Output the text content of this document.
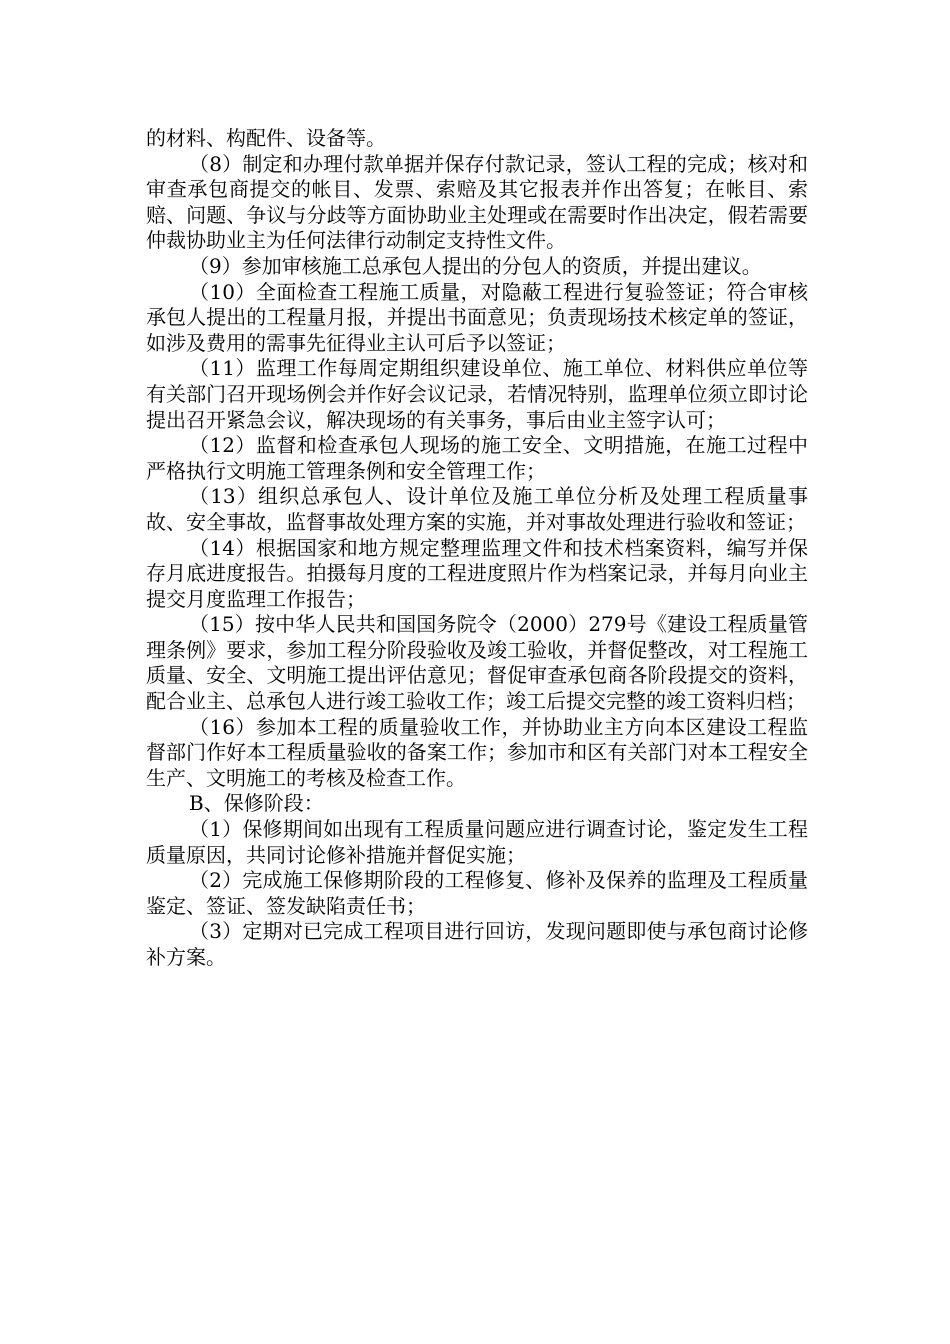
的材料、构配件、设备等。

（8）制定和办理付款单据并保存付款记录，签认工程的完成；核对和审查承包商提交的帐目、发票、索赔及其它报表并作出答复；在帐目、索赔、问题、争议与分歧等方面协助业主处理或在需要时作出决定，假若需要仲裁协助业主为任何法律行动制定支持性文件。

（9）参加审核施工总承包人提出的分包人的资质，并提出建议。

（10）全面检查工程施工质量，对隐蔽工程进行复验签证；符合审核承包人提出的工程量月报，并提出书面意见；负责现场技术核定单的签证，如涉及费用的需事先征得业主认可后予以签证；

（11）监理工作每周定期组织建设单位、施工单位、材料供应单位等有关部门召开现场例会并作好会议记录，若情况特别，监理单位须立即讨论提出召开紧急会议，解决现场的有关事务，事后由业主签字认可；

（12）监督和检查承包人现场的施工安全、文明措施，在施工过程中严格执行文明施工管理条例和安全管理工作；

（13）组织总承包人、设计单位及施工单位分析及处理工程质量事故、安全事故，监督事故处理方案的实施，并对事故处理进行验收和签证；

（14）根据国家和地方规定整理监理文件和技术档案资料，编写并保存月底进度报告。拍摄每月度的工程进度照片作为档案记录，并每月向业主提交月度监理工作报告；

（15）按中华人民共和国国务院令（2000）279号《建设工程质量管理条例》要求，参加工程分阶段验收及竣工验收，并督促整改，对工程施工质量、安全、文明施工提出评估意见；督促审查承包商各阶段提交的资料，配合业主、总承包人进行竣工验收工作；竣工后提交完整的竣工资料归档；

（16）参加本工程的质量验收工作，并协助业主方向本区建设工程监督部门作好本工程质量验收的备案工作；参加市和区有关部门对本工程安全生产、文明施工的考核及检查工作。

B、保修阶段：

（1）保修期间如出现有工程质量问题应进行调查讨论，鉴定发生工程质量原因，共同讨论修补措施并督促实施；

（2）完成施工保修期阶段的工程修复、修补及保养的监理及工程质量鉴定、签证、签发缺陷责任书；

（3）定期对已完成工程项目进行回访，发现问题即使与承包商讨论修补方案。
